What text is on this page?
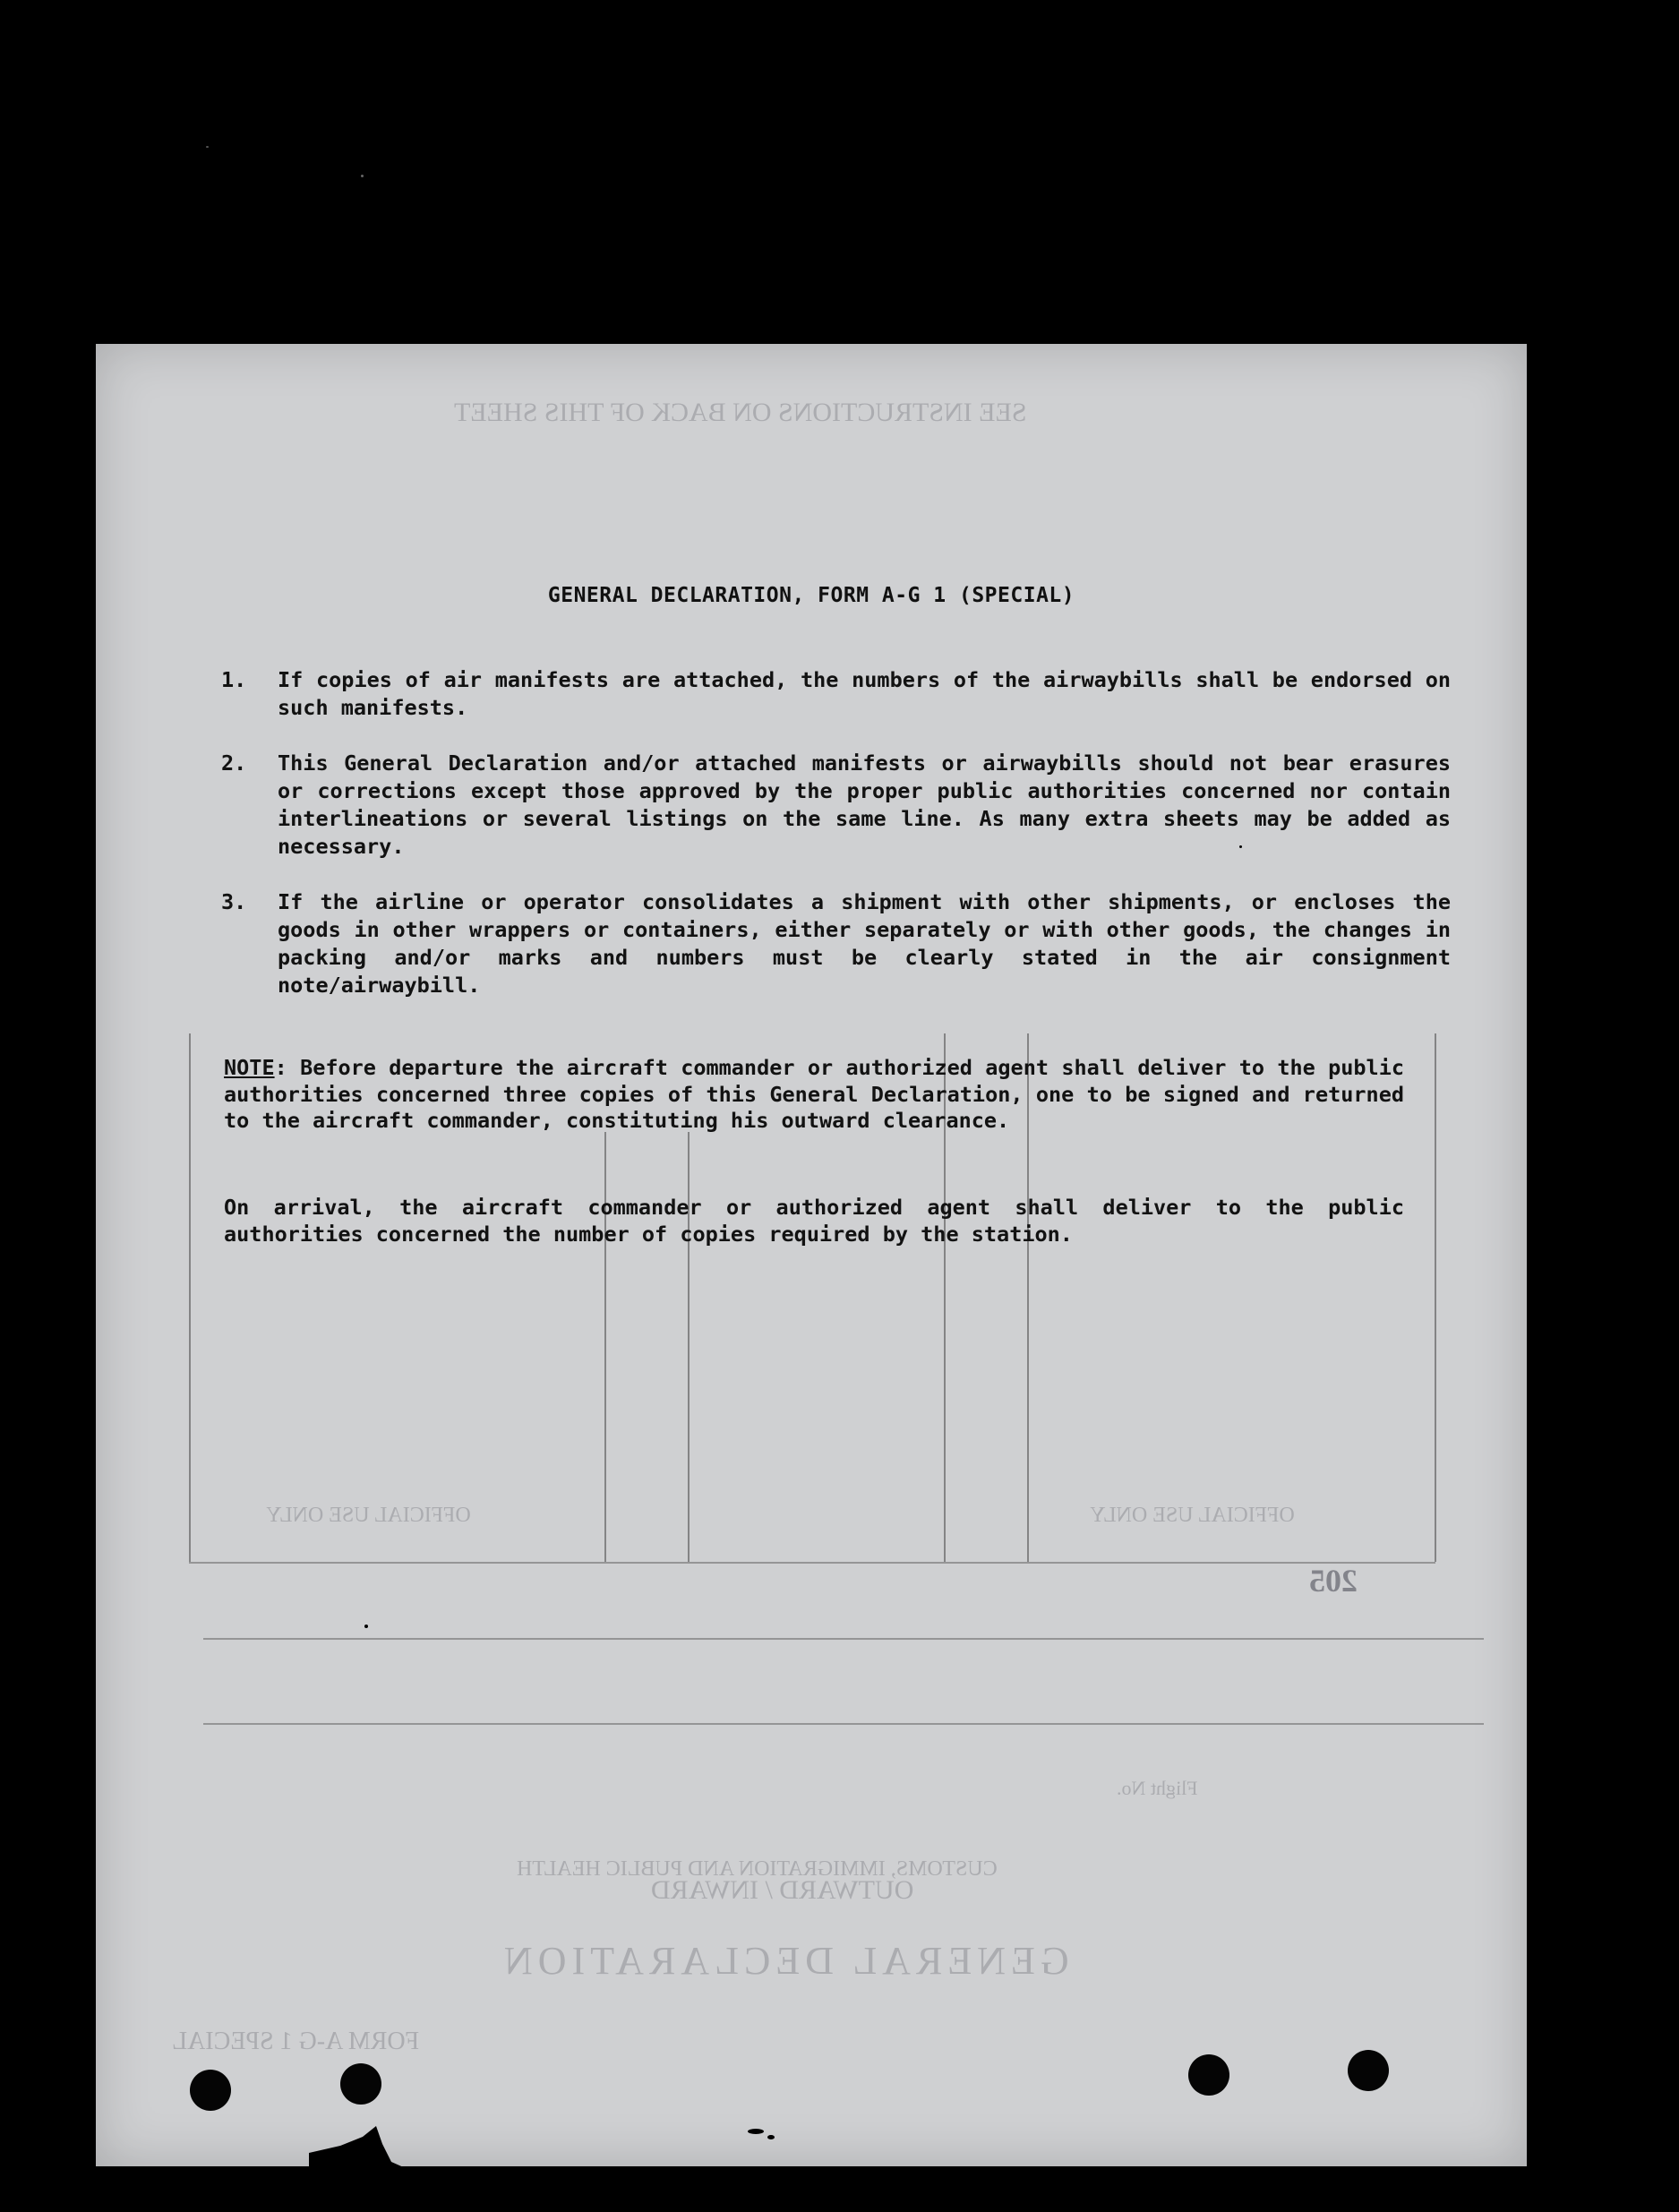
SEE INSTRUCTIONS ON BACK OF THIS SHEET
GENERAL DECLARATION
OUTWARD / INWARD
CUSTOMS, IMMIGRATION AND PUBLIC HEALTH
OFFICIAL USE ONLY	OFFICIAL USE ONLY
FORM A-G 1 SPECIAL
Flight No.
205
GENERAL DECLARATION, FORM A-G 1 (SPECIAL)
1. If copies of air manifests are attached, the numbers of the airwaybills shall be endorsed on such manifests.
2. This General Declaration and/or attached manifests or airwaybills should not bear erasures or corrections except those approved by the proper public authorities concerned nor contain interlineations or several listings on the same line. As many extra sheets may be added as necessary.
3. If the airline or operator consolidates a shipment with other shipments, or encloses the goods in other wrappers or containers, either separately or with other goods, the changes in packing and/or marks and numbers must be clearly stated in the air consignment note/airwaybill.
NOTE: Before departure the aircraft commander or authorized agent shall deliver to the public authorities concerned three copies of this General Declaration, one to be signed and returned to the aircraft commander, constituting his outward clearance.
On arrival, the aircraft commander or authorized agent shall deliver to the public authorities concerned the number of copies required by the station.
